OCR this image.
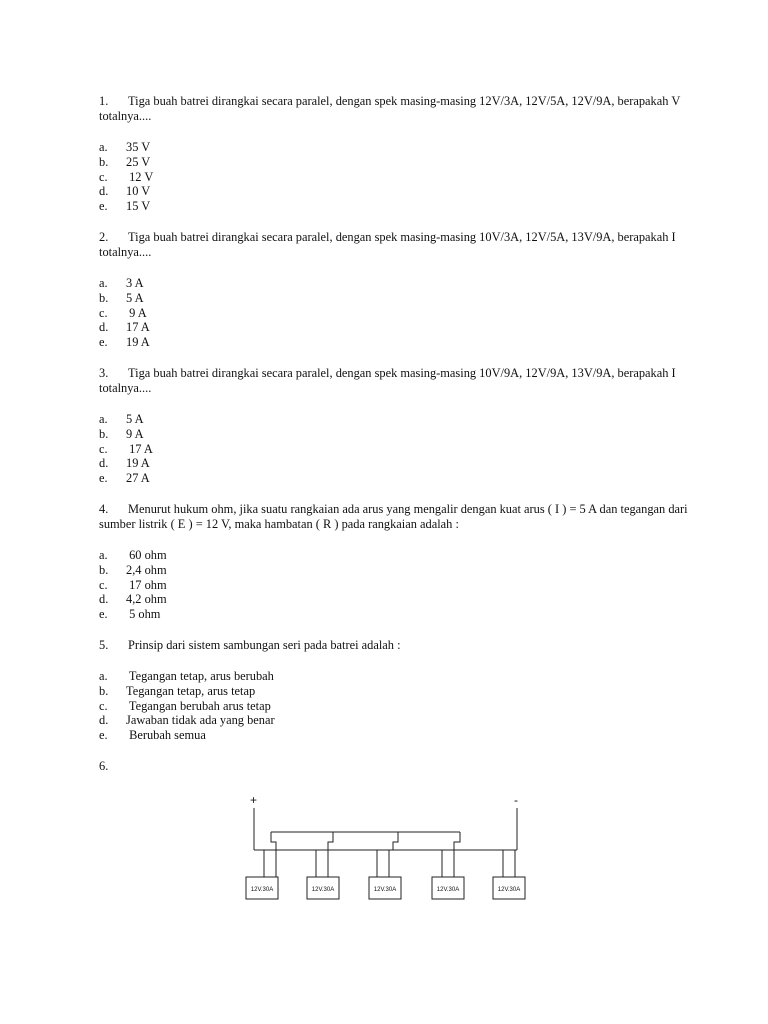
1. Tiga buah batrei dirangkai secara paralel, dengan spek masing-masing 12V/3A, 12V/5A, 12V/9A, berapakah V totalnya....
a. 35 V
b. 25 V
c. 12 V
d. 10 V
e. 15 V
2. Tiga buah batrei dirangkai secara paralel, dengan spek masing-masing 10V/3A, 12V/5A, 13V/9A, berapakah I totalnya....
a. 3 A
b. 5 A
c. 9 A
d. 17 A
e. 19 A
3. Tiga buah batrei dirangkai secara paralel, dengan spek masing-masing 10V/9A, 12V/9A, 13V/9A, berapakah I totalnya....
a. 5 A
b. 9 A
c. 17 A
d. 19 A
e. 27 A
4. Menurut hukum ohm, jika suatu rangkaian ada arus yang mengalir dengan kuat arus ( I ) = 5 A dan tegangan dari sumber listrik ( E ) = 12 V, maka hambatan ( R ) pada rangkaian adalah :
a. 60 ohm
b. 2,4 ohm
c. 17 ohm
d. 4,2 ohm
e. 5 ohm
5. Prinsip dari sistem sambungan seri pada batrei adalah :
a. Tegangan tetap, arus berubah
b. Tegangan tetap, arus tetap
c. Tegangan berubah arus tetap
d. Jawaban tidak ada yang benar
e. Berubah semua
6.
+	-
12V.30A	12V.30A	12V.30A	12V.30A	12V.30A
